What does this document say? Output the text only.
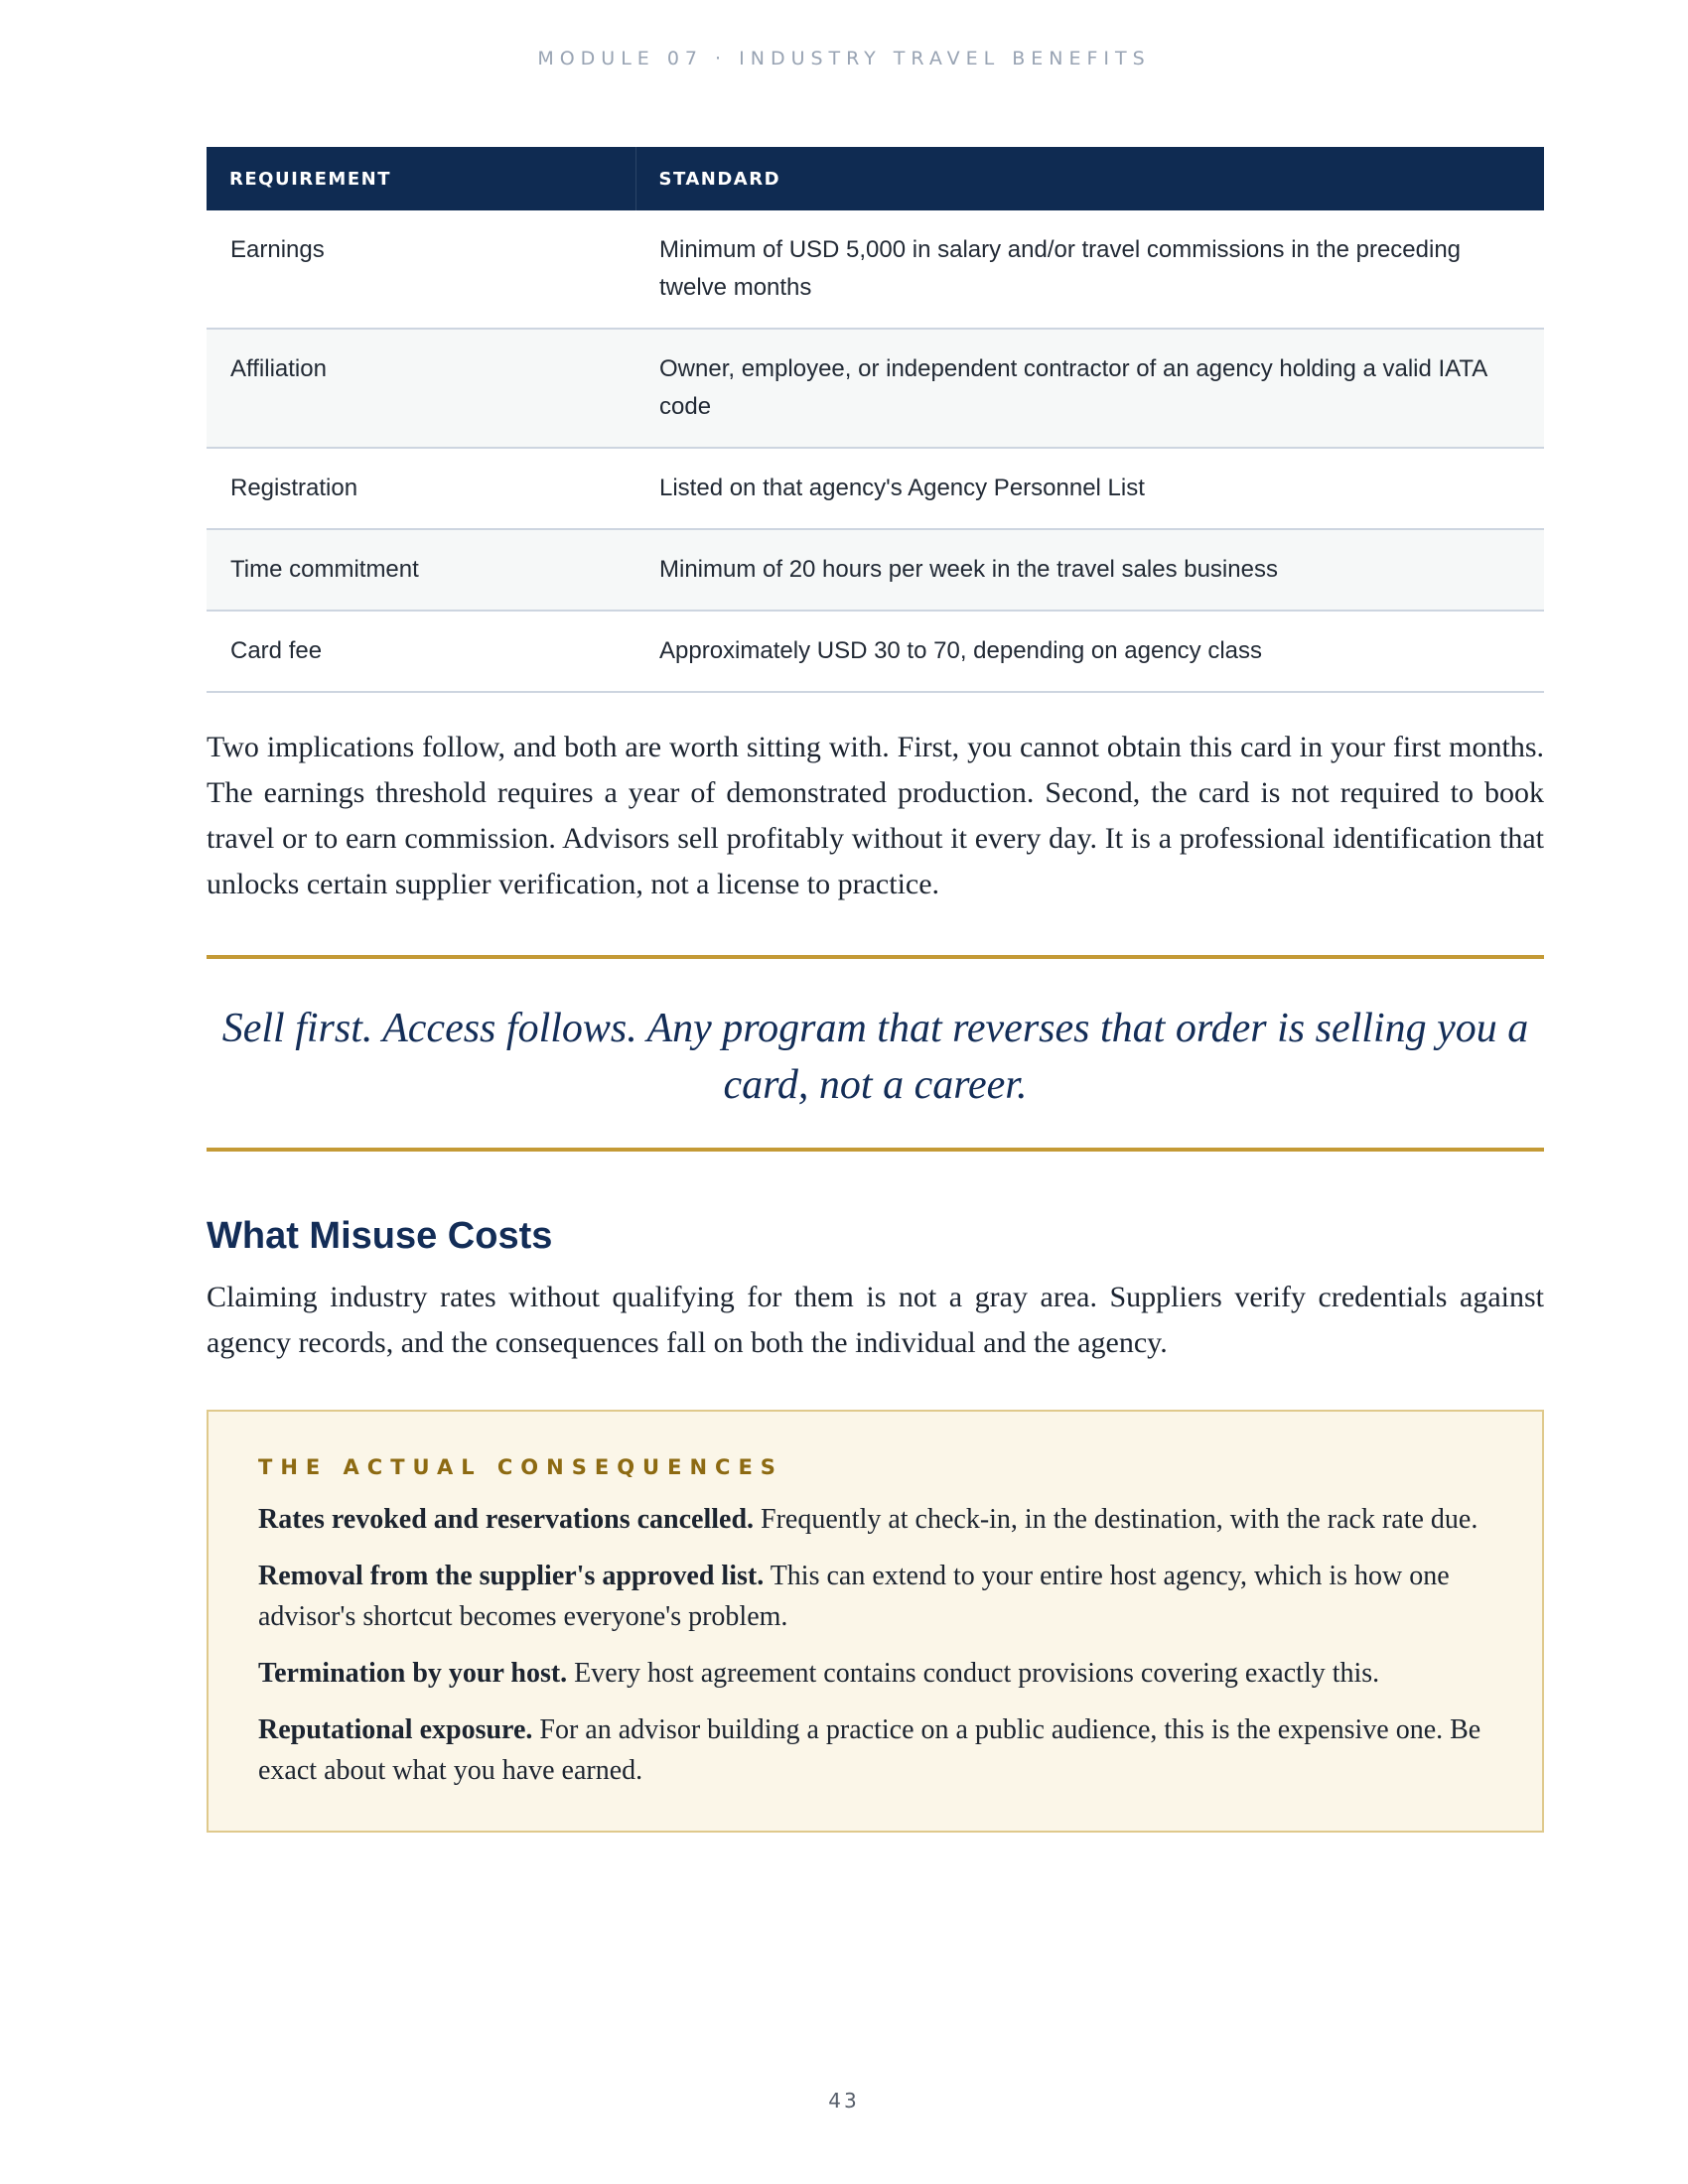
MODULE 07 · INDUSTRY TRAVEL BENEFITS
REQUIREMENT	STANDARD
Earnings	Minimum of USD 5,000 in salary and/or travel commissions in the preceding twelve months
Affiliation	Owner, employee, or independent contractor of an agency holding a valid IATA code
Registration	Listed on that agency's Agency Personnel List
Time commitment	Minimum of 20 hours per week in the travel sales business
Card fee	Approximately USD 30 to 70, depending on agency class

Two implications follow, and both are worth sitting with. First, you cannot obtain this card in your first months. The earnings threshold requires a year of demonstrated production. Second, the card is not required to book travel or to earn commission. Advisors sell profitably without it every day. It is a professional identification that unlocks certain supplier verification, not a license to practice.

Sell first. Access follows. Any program that reverses that order is selling you a card, not a career.
What Misuse Costs

Claiming industry rates without qualifying for them is not a gray area. Suppliers verify credentials against agency records, and the consequences fall on both the individual and the agency.

THE ACTUAL CONSEQUENCES

Rates revoked and reservations cancelled. Frequently at check-in, in the destination, with the rack rate due.

Removal from the supplier's approved list. This can extend to your entire host agency, which is how one advisor's shortcut becomes everyone's problem.

Termination by your host. Every host agreement contains conduct provisions covering exactly this.

Reputational exposure. For an advisor building a practice on a public audience, this is the expensive one. Be exact about what you have earned.

43
